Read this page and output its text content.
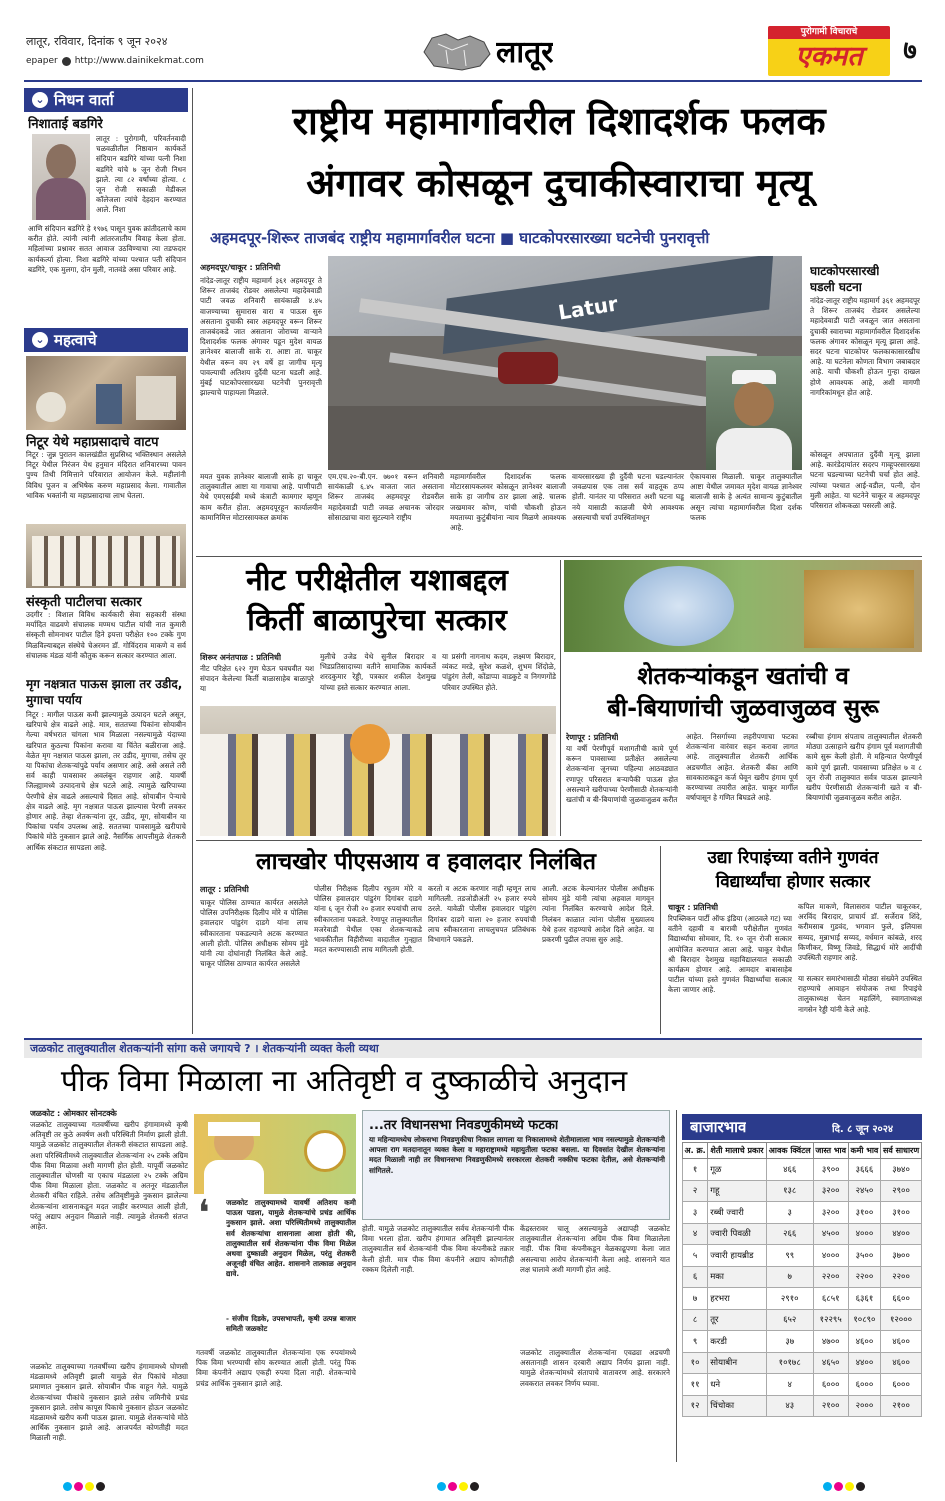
लातूर, रविवार, दिनांक ९ जून २०२४
epaper http://www.dainikekmat.com	लातूर
पुरोगामी विचाराचे
एकमत	७
⌄ निधन वार्ता
निशाताई बडगिरे
लातूर : पुरोगामी, परिवर्तनवादी चळवळीतील निष्ठावान कार्यकर्ते संदिपान बडगिरे यांच्या पत्नी निशा बडगिरे यांचे ७ जून रोजी निधन झाले. त्या ८२ वर्षांच्या होत्या. ८ जून रोजी सकाळी मेडीकल कॉलेजला त्यांचे देहदान करण्यात आले. निशा
आणि संदिपान बडगिरे हे १९७६ पासून युवक क्रांतीदलाचे काम करीत होते. त्यांनी त्यांनी आंतरजातीय विवाह केला होता. महिलांच्या प्रश्नावर सतत आवाज उठविण्याचा त्या तडफदार कार्यकर्त्या होत्या. निशा बडगिरे यांच्या पश्चात पती संदिपान बडगिरे, एक मुलगा, दोन मुली, नातवंडे असा परिवार आहे.
⌄ महत्वाचे
निटूर येथे महाप्रसादाचे वाटप
निटूर : जुन्न पुरातन कालखंडीत सुप्रसिध्द भक्तिस्थान असलेले निटूर येथील निरंजन येथ हनुमान मंदिरात शनिवारच्या पावन पुण्य तिथी निमित्ताने परिवारात आयोजन केले. महीलांनी विविध पूजन व अभिषेक करुण महाप्रसाद केला. गावातील भाविक भक्तांनी या महाप्रसादाचा लाभ घेतला.
संस्कृती पाटीलचा सत्कार
उदगीर : विशाल विविध कार्यकारी सेवा सहकारी संस्था मर्यादित वाढवणे संचालक मण्मथ पाटील यांची नात कुमारी संस्कृती सोमनाथर पाटील हिने इयत्ता परीक्षेत १०० टक्के गुण मिळविल्याबद्दल संस्थेचे चेअरमन डॉ. गोविंदराव माकणे व सर्व संचालक मंडळ यांनी कौतुक करून सत्कार करण्यात आला.
मृग नक्षत्रात पाऊस झाला तर उडीद, मुगाचा पर्याय
निटूर : मागील पाऊस कमी झाल्यामुळे उत्पादन घटले असून, खरिपाचे क्षेत्र वाढले आहे. मात्र, सततच्या पिकांना सोयाबीन गेल्या वर्षभरात चांगला भाव मिळाला नसल्यामुळे यंदाच्या खरिपात कुठल्या पिकांना करावा या चिंतेत बळीराजा आहे. वेळेत मृग नक्षत्रात पाऊस झाला, तर उडीद, मुगाचा, तसेच तूर या पिकांचा शेतकऱ्यांपुढे पर्याय असणार आहे. असे असले तरी सर्व काही पावसावर अवलंबून राहणार आहे. यावर्षी जिल्ह्यामध्ये उत्पादनाचे क्षेत्र घटले आहे. त्यामुळे खरिपाच्या पेरणीचे क्षेत्र वाढले असल्याचे दिसत आहे. सोयाबीन पेऱ्याचे क्षेत्र वाढले आहे. मृग नक्षत्रात पाऊस झाल्यास पेरणी लवकर होणार आहे. तेव्हा शेतकऱ्यांना तूर, उडीद, मूग, सोयाबीन या पिकांचा पर्याय उपलब्ध आहे. सततच्या पावसामुळे खरीपाचे पिकांचे मोठे नुकसान झाले आहे. नैसर्गिक आपत्तीमुळे शेतकरी आर्थिक संकटात सापडला आहे.
राष्ट्रीय महामार्गावरील दिशादर्शक फलक
अंगावर कोसळून दुचाकीस्वाराचा मृत्यू
अहमदपूर-शिरूर ताजबंद राष्ट्रीय महामार्गावरील घटना ■ घाटकोपरसारख्या घटनेची पुनरावृत्ती
अहमदपूर/चाकूर : प्रतिनिधी
Latur
नांदेड-लातूर राष्ट्रीय महामार्ग ३६१ अहमदपूर ते शिरूर ताजबंद रोडवर असलेल्या महादेववाडी पाटी जवळ शनिवारी सायंकाळी ४.४५ वाजण्याच्या सुमारास वारा व पाऊस सुरु असताना दुचाकी स्वार अहमदपूर वरून शिरूर ताजबंदकडे जात असताना जोराच्या वाऱ्याने दिशादर्शक फलक अंगावर पडून मुदेश वायळ ज्ञानेश्वर बालाजी साके रा. आष्टा ता. चाकूर येथील वरून वय २९ वर्षे हा जागीच मृत्यू पावल्याची अतिशय दुर्दैवी घटना घडली आहे. मुंबई घाटकोपरसारख्या घटनेची पुनरावृत्ती झाल्याचे पाहायला मिळाले.
मयत युवक ज्ञानेश्वर बालाजी साके हा चाकूर तालुक्यातील आष्टा या गावाचा आहे. पाणीपाटी येथे एमएसईबी मध्ये कंत्राटी कामगार म्हणून काम करीत होता. अहमदपूरहून कार्यालयीन कामानिमित्त मोटारसायकल क्रमांक
एम.एच.२०-बी.एन. ७७०१ वरून शनिवारी सायंकाळी ६.४५ वाजता जात असताना शिरूर ताजबंद अहमदपूर रोडवरील महादेववाडी पाटी जवळ अचानक जोरदार सोसाट्याचा वारा सुटल्याने राष्ट्रीय
महामार्गावरील दिशादर्शक फलक मोटारसायकलवर कोसळून ज्ञानेश्वर बालाजी साके हा जागीच ठार झाला आहे. चालक जखमावर कोण, यांची चौकशी होऊन मयताच्या कुटुंबीयांना न्याय मिळणे आवश्यक आहे.
वायरसारख्या ही दुर्दैवी घटना घडल्यानंतर जवळपास एक तास सर्व वाहतूक ठप्प होती. यानंतर या परिसरात अशी घटना घडू नये यासाठी काळजी घेणे आवश्यक असल्याची चर्चा उपस्थितांमधून
ऐकायवास मिळाली. चाकूर तालुक्यातील आष्टा येथील जमावत मृदेश वायळ ज्ञानेश्वर बालाजी साके हे अत्यंत सामान्य कुटुंबातील असून त्यांचा महामार्गावरील दिशा दर्शक फलक
घाटकोपरसारखी
घडली घटना
नांदेड-लातूर राष्ट्रीय महामार्ग ३६१ अहमदपूर ते शिरूर ताजबंद रोडवर असलेल्या महादेववाडी पाटी जवळून जात असताना दुचाकी स्वाराच्या महामार्गावरील दिशादर्शक फलक अंगावर कोसळून मृत्यू झाला आहे. सदर घटना घाटकोपर फलकाकासारखीच आहे. या घटनेला कोणता विभाग जबाबदार आहे. याची चौकशी होऊन गुन्हा दाखल होणे आवश्यक आहे, अशी मागणी नागरिकांमधून होत आहे.
कोसळून अपघातात दुर्दैवी मृत्यू झाला आहे. कारंडेदायांतर सदरप गाव्हूपरसारख्या घटना घडल्याच्या घटनेची चर्चा होत आहे. त्यांच्या पश्चात आई-वडील, पत्नी, दोन मुली आहेत. या घटनेने चाकूर व अहमदपूर परिसरात शोककळा पसरली आहे.
नीट परीक्षेतील यशाबद्दल
किर्ती बाळापुरेचा सत्कार
शिरूर अनंतपाळ : प्रतिनिधी
नीट परिक्षेत ६२२ गुण घेऊन घवघवीत यश संपादन केलेल्या किर्ती बाळासाहेब बाळापुरे या
मुलीचे उजेड येथे सुनील बिरादार व भिडप्रतिसादाच्या वतीने सामाजिक कार्यकर्ते शरदकुमार रेड्डी, पत्रकार शकील देशमुख यांच्या हस्ते सत्कार करण्यात आला.
या प्रसंगी नागनाथ कदम, लक्ष्मण बिरादार, व्यंकट मरडे, सुरेश कळशे, शुभम शिंदोळे, पांडुरंग तेली, कोंडाप्पा वाडकुटे व निगणगोंडे परिवार उपस्थित होते.	शेतकऱ्यांकडून खतांची व
बी-बियाणांची जुळवाजुळव सुरू
रेणापूर : प्रतिनिधी
या वर्षी पेरणीपूर्व मशागतीची कामे पूर्ण करून पावसाच्या प्रतीक्षेत असलेल्या शेतकऱ्यांना जूनच्या पहिल्या आठवड्यात रणापूर परिसरात बऱ्यापैकी पाऊस होत असल्याने खरीपाच्या पेरणीसाठी शेतकऱ्यांनी खतांची व बी-बियाणांची जुळवाजुळव करीत
आहेत. निसर्गाच्या लहरीपणाचा फटका शेतकऱ्यांना वारंवार सहन करावा लागत आहे. तालुक्यातील शेतकरी आर्थिक अडचणीत आहेत. शेतकरी बँका आणि सावकाराकडून कर्ज घेवून खरीप हंगाम पूर्ण करण्याच्या तयारीत आहेत. चाकूर मार्गील वर्षापासून हे गणित बिघडले आहे.
रब्बीचा हंगाम संपताच तालुक्यातील शेतकरी मोठ्या उत्साहाने खरीप हंगाम पूर्व मशागतीची कामे सुरू केली होती. मे महिन्यात पेरणीपूर्व कामे पूर्ण झाली. पावसाच्या प्रतिक्षेत ७ व ८ जून रोजी तालुक्यात सर्वत्र पाऊस झाल्याने खरीप पेरणीसाठी शेतकऱ्यांनी खते व बी-बियाणांची जुळवाजुळव करीत आहेत.
लाचखोर पीएसआय व हवालदार निलंबित
लातूर : प्रतिनिधी
चाकूर पोलिस ठाण्यात कार्यरत असलेले पोलिस उपनिरीक्षक दिलीप मोरे व पोलिस हवालदार पांडुरंग दाडगे यांना लाच स्वीकारताना पकडल्याने अटक करण्यात आली होती. पोलिस अधीक्षक सोमय मुंडे यांनी त्या दोघांनाही निलंबित केले आहे. चाकूर पोलिस ठाण्यात कार्यरत असलेले
पोलीस निरीक्षक दिलीप रघुतम मोरे व पोलिस हवालदार पांडुरंग दिगांबर दाडगे यांना ६ जून रोजी २० हजार रुपयांची लाच स्वीकारताना पकडले. रेणापूर तालुक्यातील मजरेवाडी येथील एका शेतकऱ्याकडे भावकीतील विहीरीच्या वादातील गुन्ह्यात मदत करण्यासाठी लाच मागितली होती.
करतो व अटक करणार नाही म्हणून लाच मागितली. तडजोडीअंती २५ हजार रुपये ठरले. यावेळी पोलीस हवालदार पांडुरंग दिगांबर दाडगे याला २० हजार रुपयांची लाच स्वीकारताना लाचलुचपत प्रतिबंधक विभागाने पकडले.
आली. अटक केल्यानंतर पोलीस अधीक्षक सोमय मुंडे यांनी त्यांचा अहवाल मागवून त्यांना निलंबित करण्याचे आदेश दिले. निलंबन काळात त्यांना पोलीस मुख्यालय येथे हजर राहण्याचे आदेश दिले आहेत. या प्रकरणी पुढील तपास सुरु आहे.
उद्या रिपाइंच्या वतीने गुणवंत
विद्यार्थ्यांचा होणार सत्कार
चाकूर : प्रतिनिधी
रिपब्लिकन पार्टी ऑफ इंडिया (आठवले गट) च्या वतीने दहावी व बारावी परीक्षेतील गुणवंत विद्यार्थ्यांचा सोमवार, दि. १० जून रोजी सत्कार आयोजित करण्यात आला आहे. चाकूर येथील श्री बिरादार देशमुख महाविद्यालयात सकाळी कार्यक्रम होणार आहे. आमदार बाबासाहेब पाटील यांच्या हस्ते गुणवंत विद्यार्थ्यांचा सत्कार केला जाणार आहे.
कपिल माकणे, विलासराव पाटील चाकूरकर, अरविंद बिरादार, प्राचार्य डॉ. सर्जेराव शिंदे, करीमसाब गुडवंद, भगवान फुले, इलियास सय्यद, मुन्नाभाई सय्यद, वर्धमान कांबळे, शरद किणीकर, विष्णू जिवडे, सिद्धार्थ मोरे आदींची उपस्थिती राहणार आहे.
या सत्कार समारंभासाठी मोठ्या संख्येने उपस्थित राहण्याचे आवाहन संयोजक तथा रिपाइंचे तालुकाध्यक्ष चेतन महालिंगे, स्वागताध्यक्ष नागसेन रेड्डी यांनी केले आहे.
जळकोट तालुक्यातील शेतकऱ्यांनी सांगा कसे जगायचे ? । शेतकऱ्यांनी व्यक्त केली व्यथा
पीक विमा मिळाला ना अतिवृष्टी व दुष्काळीचे अनुदान
जळकोट : ओमकार सोनटक्के
जळकोट तालुक्याच्या गतवर्षीच्या खरीप हंगामामध्ये कृषी अतिवृष्टी तर कुठे अवर्षण अशी परिस्थिती निर्माण झाली होती. यामुळे जळकोट तालुक्यातील शेतकरी संकटात सापडला आहे. अशा परिस्थितीमध्ये तालुक्यातील शेतकऱ्यांना २५ टक्के अग्रिम पीक विमा मिळावा अशी मागणी होत होती. यापूर्वी जळकोट तालुक्यातील घोणसी या एकाच मंडळाला २५ टक्के अग्रिम पीक विमा मिळाला होता. जळकोट व अतनूर मंडळातील शेतकरी वंचित राहिले. तसेच अतिवृष्टीमुळे नुकसान झालेल्या शेतकऱ्यांना शासनाकडून मदत जाहीर करण्यात आली होती, परंतु अद्याप अनुदान मिळाले नाही. त्यामुळे शेतकरी संतप्त आहेत.
जळकोट तालुक्याच्या गतवर्षीच्या खरीप हंगामामध्ये घोणसी मंडळामध्ये अतिवृष्टी झाली यामुळे सेत पिकांचे मोठ्या प्रमाणात नुकसान झाले. सोयाबीन पीक वाहून गेले. यामुळे शेतकऱ्यांच्या पीकांचे नुकसान झाले तसेच जमिनीचे प्रचंड नुकसान झाले. तसेच कापूस पिकाचे नुकसान होऊन जळकोट मंडळामध्ये खरीप कमी पाऊस झाला. यामुळे शेतकऱ्यांचे मोठे आर्थिक नुकसान झाले आहे. आजपर्यंत कोणतीही मदत मिळाली नाही.
❛ जळकोट तालुक्यामध्ये यावर्षी अतिशय कमी पाऊस पडला, यामुळे शेतकऱ्यांचे प्रचंड आर्थिक नुकसान झाले. अशा परिस्थितीमध्ये तालुक्यातील सर्व शेतकऱ्यांचा शासनाला आशा होती की, तालुक्यातील सर्व शेतकऱ्यांना पीक विमा मिळेल अथवा दुष्काळी अनुदान मिळेल, परंतु शेतकरी अजूनही वंचित आहेत. शासनाने तात्काळ अनुदान द्यावे.
- संजीव दिडके, उपसभापती, कृषी उत्पन्न बाजार समिती जळकोट
गतवर्षी जळकोट तालुक्यातील शेतकऱ्यांना एक रुपयांमध्ये पिक विमा भरण्याची सोय करण्यात आली होती. परंतु पिक विमा कंपनीने अद्याप एकही रुपया दिला नाही. शेतकऱ्यांचे प्रचंड आर्थिक नुकसान झाले आहे.
...तर विधानसभा निवडणुकीमध्ये फटका
या महिन्यामध्येच लोकसभा निवडणुकीचा निकाल लागला या निकालामध्ये शेतीमालाला भाव नसल्यामुळे शेतकऱ्यांनी आपला राग मतदानातून व्यक्त केला व महाराष्ट्रामध्ये महायुतीला फटका बसला. या दिवसांत देखील शेतकऱ्यांना मदत मिळाली नाही तर विधानसभा निवडणुकीमध्ये सरकारला शेतकरी नक्कीच फटका देतील, असे शेतकऱ्यांनी सांगितले.
होती. यामुळे जळकोट तालुक्यातील सर्वच शेतकऱ्यांनी पीक विमा भरला होता. खरीप हंगामात अतिवृष्टी झाल्यानंतर तालुक्यातील सर्व शेतकऱ्यांनी पीक विमा कंपनीकडे तक्रार केली होती. मात्र पीक विमा कंपनीने अद्याप कोणतीही रक्कम दिलेली नाही.
केंद्रस्तरावर चालू असल्यामुळे अद्यापही जळकोट तालुक्यातील शेतकऱ्यांना अग्रिम पीक विमा मिळालेला नाही. पीक विमा कंपनीकडून वेळकाढूपणा केला जात असल्याचा आरोप शेतकऱ्यांनी केला आहे. शासनाने यात लक्ष घालावे अशी मागणी होत आहे.
जळकोट तालुक्यातील शेतकऱ्यांना एवढ्या अडचणी असतानाही शासन दरबारी अद्याप निर्णय झाला नाही. यामुळे शेतकऱ्यांमध्ये संतापाचे वातावरण आहे. सरकारने लवकरात लवकर निर्णय घ्यावा.
बाजारभाव	दि. ८ जून २०२४
अ. क्र.	शेती मालाचे प्रकार	आवक क्विंटल	जास्त भाव	कमी भाव	सर्व साधारण
१	गूळ	४६६	३९००	३६६६	३७४०
२	गहू	१३८	३२००	२४५०	२९००
३	रब्बी ज्वारी	३	३२००	३१००	३१००
४	ज्वारी पिवळी	२६६	४५००	४०००	४४००
५	ज्वारी हायब्रीड	९९	४०००	३५००	३७००
६	मका	७	२२००	२२००	२२००
७	हरभरा	२९१०	६८५१	६३६१	६६००
८	तूर	६५२	१२२९५	१०८९०	१२०००
९	करडी	३७	४७००	४६००	४६००
१०	सोयाबीन	१०१७८	४६५०	४४००	४६००
११	धने	४	६०००	६०००	६०००
१२	चिंचोका	४३	२१००	२०००	२१००
